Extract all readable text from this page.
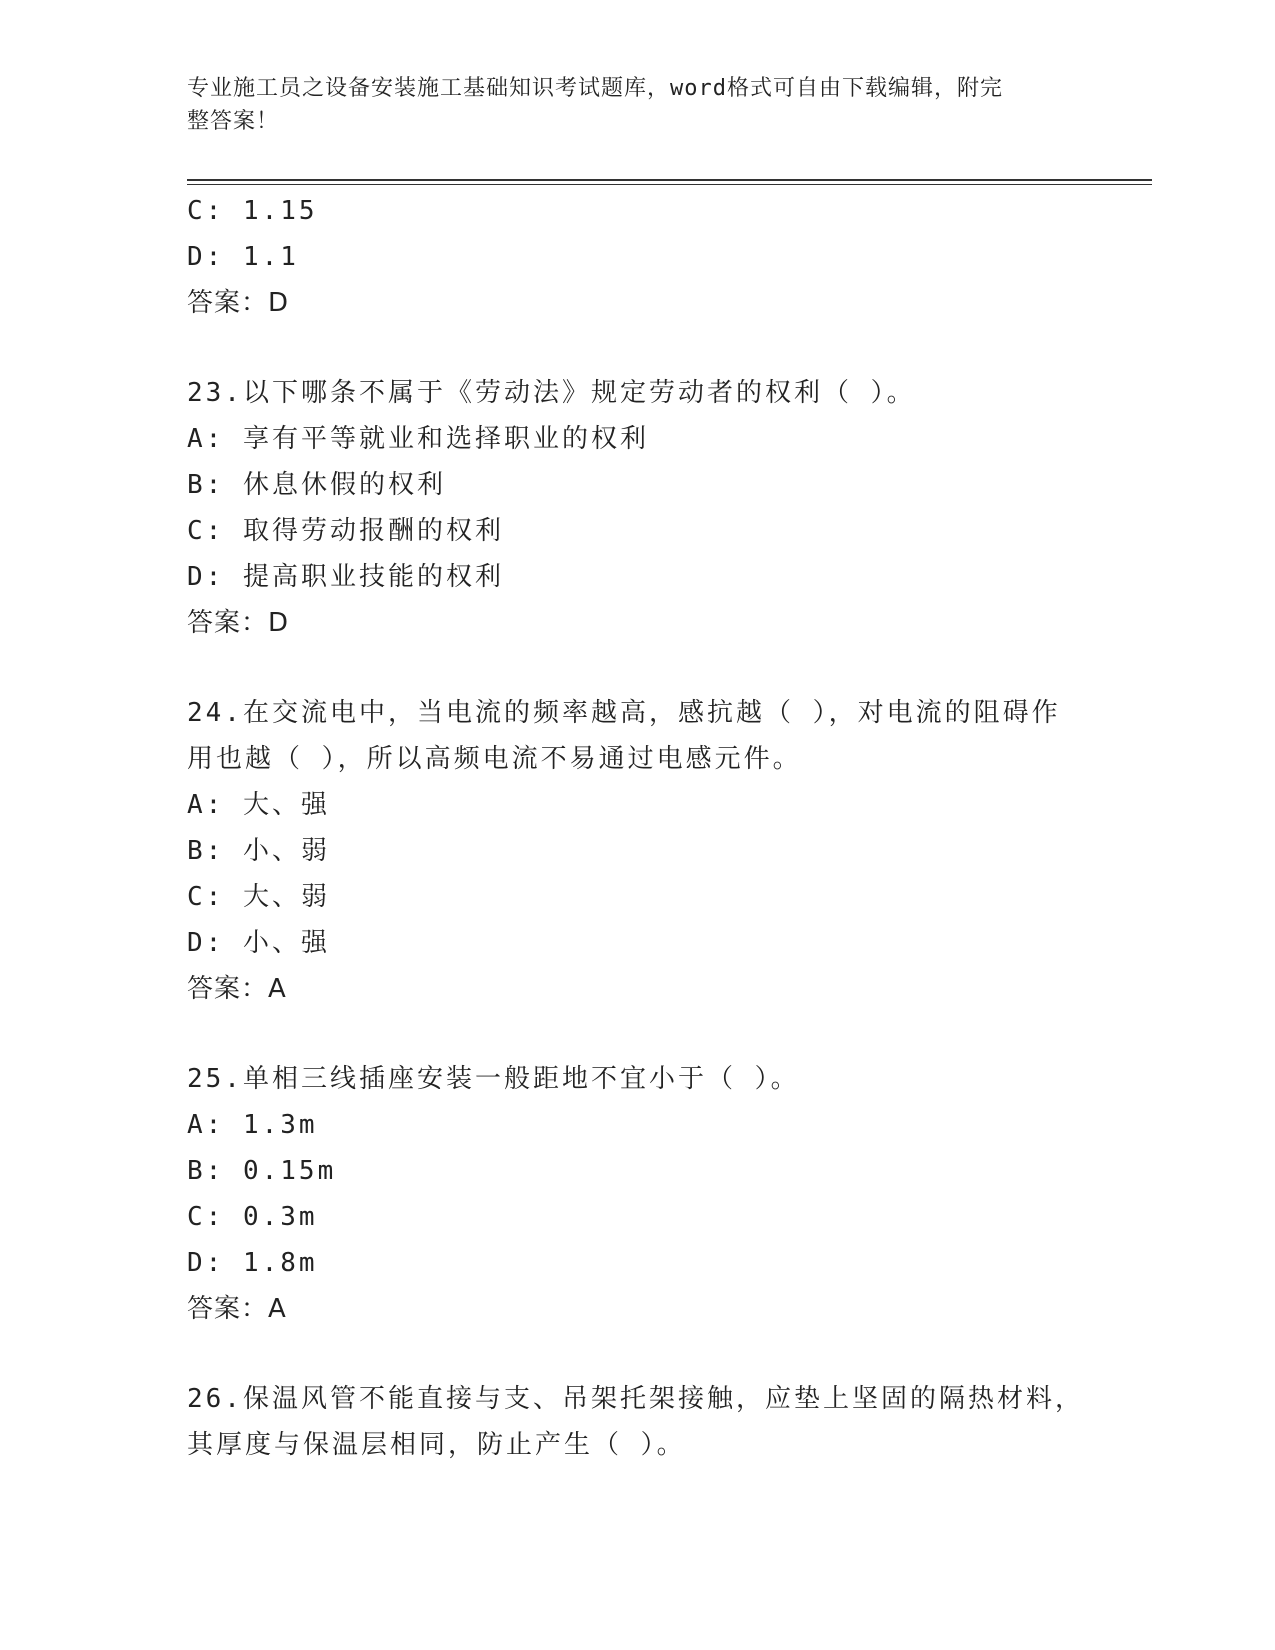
专业施工员之设备安装施工基础知识考试题库，word格式可自由下载编辑，附完
整答案！
C: 1.15
D: 1.1
答案：D
23.以下哪条不属于《劳动法》规定劳动者的权利（ ）。
A: 享有平等就业和选择职业的权利
B: 休息休假的权利
C: 取得劳动报酬的权利
D: 提高职业技能的权利
答案：D
24.在交流电中，当电流的频率越高，感抗越（ ），对电流的阻碍作
用也越（ ），所以高频电流不易通过电感元件。
A: 大、强
B: 小、弱
C: 大、弱
D: 小、强
答案：A
25.单相三线插座安装一般距地不宜小于（ ）。
A: 1.3m
B: 0.15m
C: 0.3m
D: 1.8m
答案：A
26.保温风管不能直接与支、吊架托架接触，应垫上坚固的隔热材料，
其厚度与保温层相同，防止产生（ ）。
